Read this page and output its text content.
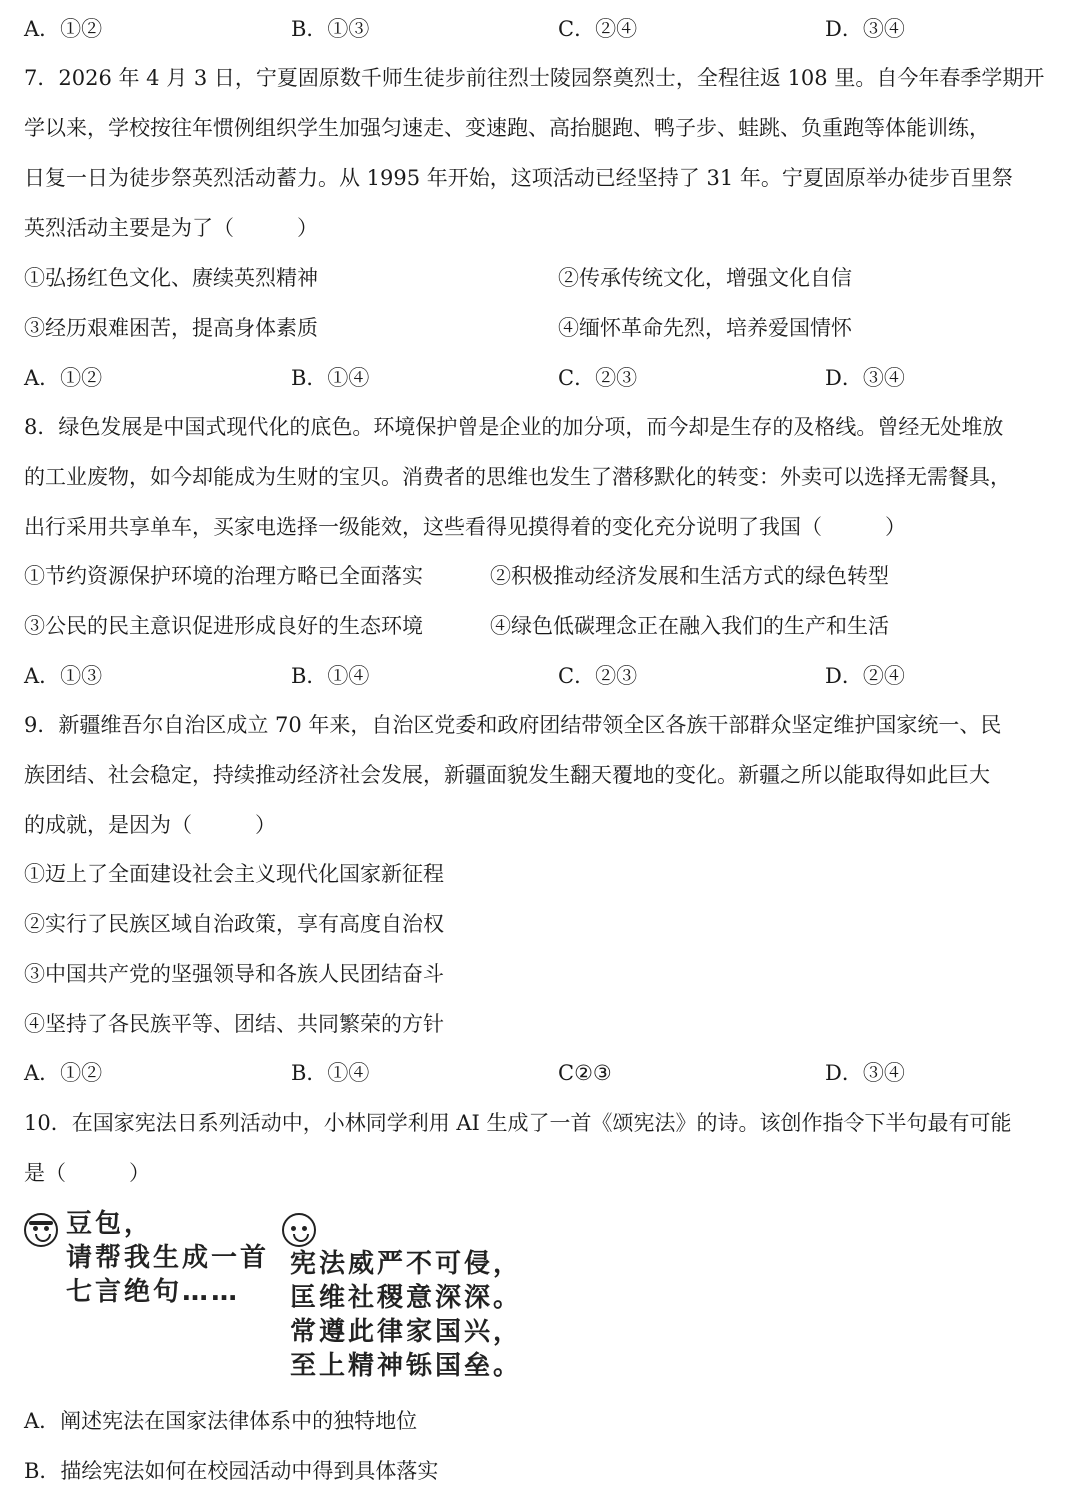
A．①②	B．①③	C．②④	D．③④
7．2026 年 4 月 3 日，宁夏固原数千师生徒步前往烈士陵园祭奠烈士，全程往返 108 里。自今年春季学期开
学以来，学校按往年惯例组织学生加强匀速走、变速跑、高抬腿跑、鸭子步、蛙跳、负重跑等体能训练，
日复一日为徒步祭英烈活动蓄力。从 1995 年开始，这项活动已经坚持了 31 年。宁夏固原举办徒步百里祭
英烈活动主要是为了（　　　）
①弘扬红色文化、赓续英烈精神	②传承传统文化，增强文化自信
③经历艰难困苦，提高身体素质	④缅怀革命先烈，培养爱国情怀
A．①②	B．①④	C．②③	D．③④
8．绿色发展是中国式现代化的底色。环境保护曾是企业的加分项，而今却是生存的及格线。曾经无处堆放
的工业废物，如今却能成为生财的宝贝。消费者的思维也发生了潜移默化的转变：外卖可以选择无需餐具，
出行采用共享单车，买家电选择一级能效，这些看得见摸得着的变化充分说明了我国（　　　）
①节约资源保护环境的治理方略已全面落实	②积极推动经济发展和生活方式的绿色转型
③公民的民主意识促进形成良好的生态环境	④绿色低碳理念正在融入我们的生产和生活
A．①③	B．①④	C．②③	D．②④
9．新疆维吾尔自治区成立 70 年来，自治区党委和政府团结带领全区各族干部群众坚定维护国家统一、民
族团结、社会稳定，持续推动经济社会发展，新疆面貌发生翻天覆地的变化。新疆之所以能取得如此巨大
的成就，是因为（　　　）
①迈上了全面建设社会主义现代化国家新征程
②实行了民族区域自治政策，享有高度自治权
③中国共产党的坚强领导和各族人民团结奋斗
④坚持了各民族平等、团结、共同繁荣的方针
A．①②	B．①④	C②③	D．③④
10．在国家宪法日系列活动中，小林同学利用 AI 生成了一首《颂宪法》的诗。该创作指令下半句最有可能
是（　　　）
豆包，
请帮我生成一首
七言绝句……
宪法威严不可侵，
匡维社稷意深深。
常遵此律家国兴，
至上精神铄国垒。
A．阐述宪法在国家法律体系中的独特地位
B．描绘宪法如何在校园活动中得到具体落实
